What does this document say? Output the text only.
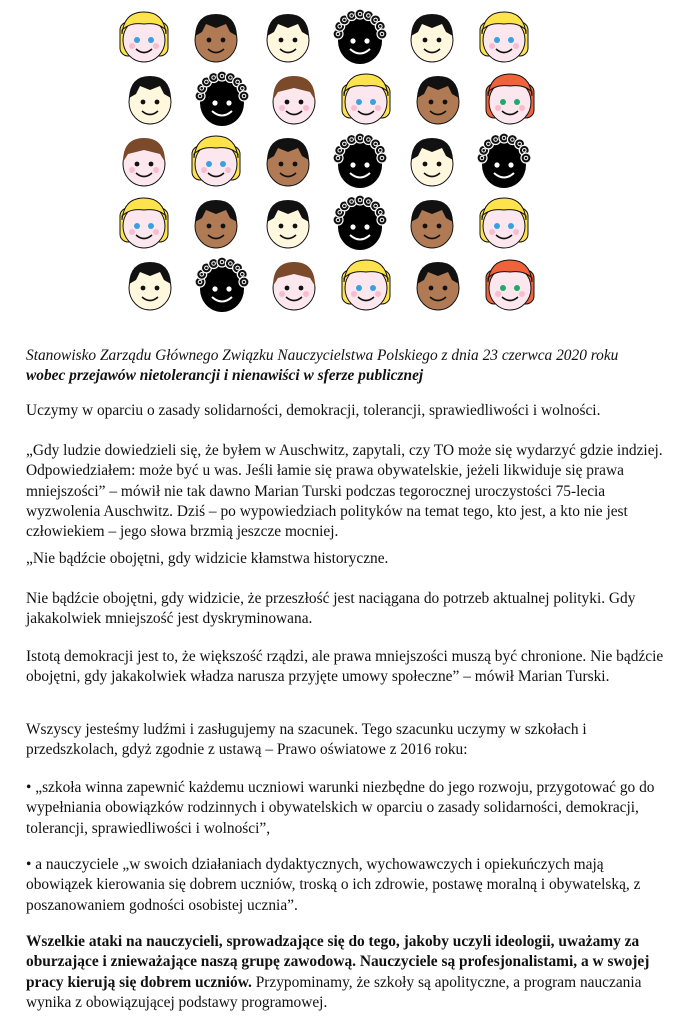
Stanowisko Zarządu Głównego Związku Nauczycielstwa Polskiego z dnia 23 czerwca 2020 roku wobec przejawów nietolerancji i nienawiści w sferze publicznej

Uczymy w oparciu o zasady solidarności, demokracji, tolerancji, sprawiedliwości i wolności.

„Gdy ludzie dowiedzieli się, że byłem w Auschwitz, zapytali, czy TO może się wydarzyć gdzie indziej. Odpowiedziałem: może być u was. Jeśli łamie się prawa obywatelskie, jeżeli likwiduje się prawa mniejszości” – mówił nie tak dawno Marian Turski podczas tegorocznej uroczystości 75-lecia wyzwolenia Auschwitz. Dziś – po wypowiedziach polityków na temat tego, kto jest, a kto nie jest człowiekiem – jego słowa brzmią jeszcze mocniej.

„Nie bądźcie obojętni, gdy widzicie kłamstwa historyczne.

Nie bądźcie obojętni, gdy widzicie, że przeszłość jest naciągana do potrzeb aktualnej polityki. Gdy jakakolwiek mniejszość jest dyskryminowana.

Istotą demokracji jest to, że większość rządzi, ale prawa mniejszości muszą być chronione. Nie bądźcie obojętni, gdy jakakolwiek władza narusza przyjęte umowy społeczne” – mówił Marian Turski.

Wszyscy jesteśmy ludźmi i zasługujemy na szacunek. Tego szacunku uczymy w szkołach i przedszkolach, gdyż zgodnie z ustawą – Prawo oświatowe z 2016 roku:

• „szkoła winna zapewnić każdemu uczniowi warunki niezbędne do jego rozwoju, przygotować go do wypełniania obowiązków rodzinnych i obywatelskich w oparciu o zasady solidarności, demokracji, tolerancji, sprawiedliwości i wolności”,

• a nauczyciele „w swoich działaniach dydaktycznych, wychowawczych i opiekuńczych mają obowiązek kierowania się dobrem uczniów, troską o ich zdrowie, postawę moralną i obywatelską, z poszanowaniem godności osobistej ucznia”.

Wszelkie ataki na nauczycieli, sprowadzające się do tego, jakoby uczyli ideologii, uważamy za oburzające i znieważające naszą grupę zawodową. Nauczyciele są profesjonalistami, a w swojej pracy kierują się dobrem uczniów. Przypominamy, że szkoły są apolityczne, a program nauczania wynika z obowiązującej podstawy programowej.
